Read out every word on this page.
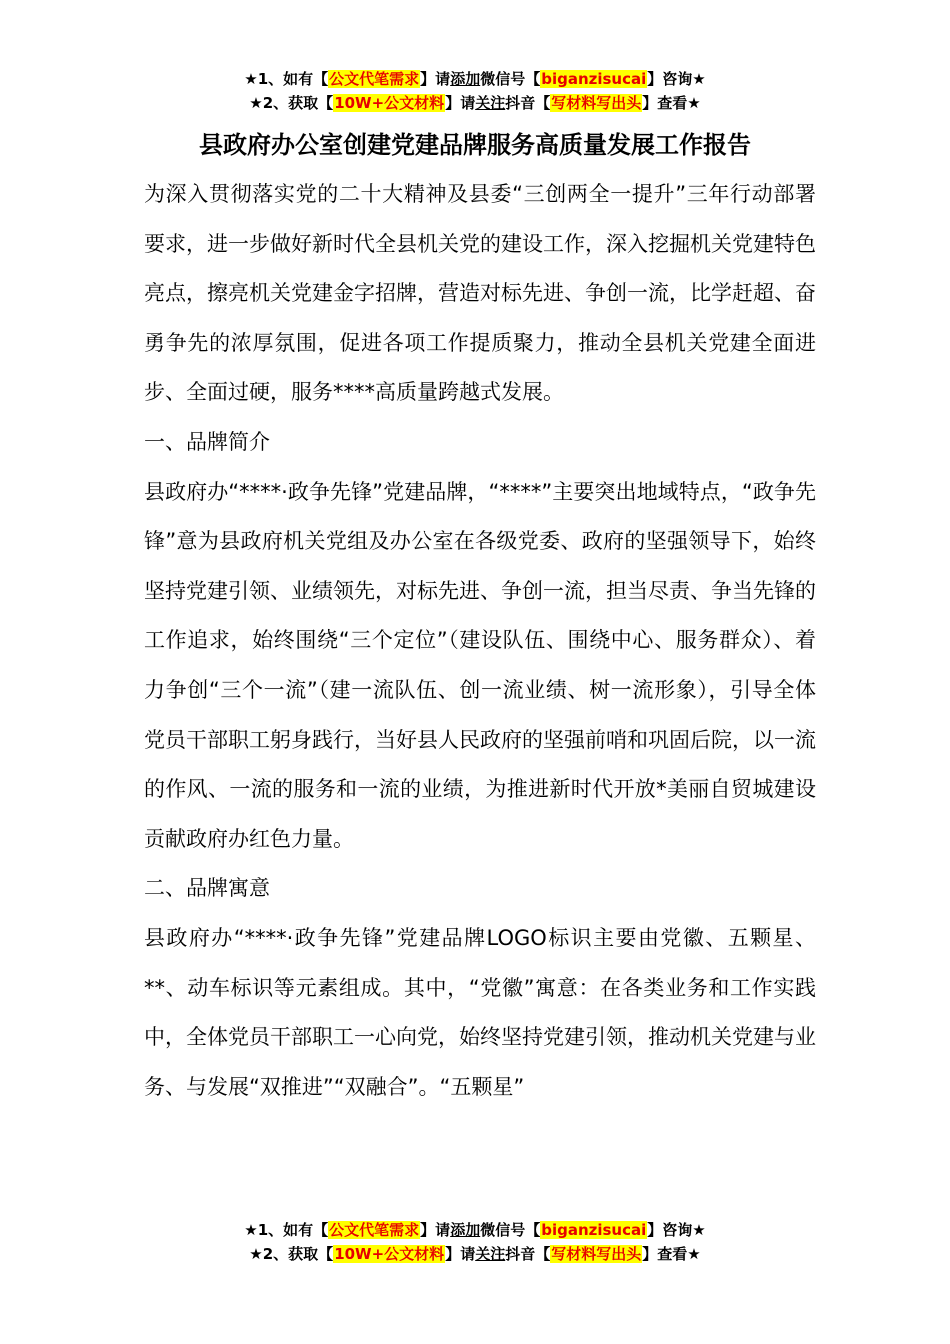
★1、如有【公文代笔需求】请添加微信号【biganzisucai】咨询★
★2、获取【10W+公文材料】请关注抖音【写材料写出头】查看★
县政府办公室创建党建品牌服务高质量发展工作报告

为深入贯彻落实党的二十大精神及县委“三创两全一提升”三年行动部署要求，进一步做好新时代全县机关党的建设工作，深入挖掘机关党建特色亮点，擦亮机关党建金字招牌，营造对标先进、争创一流，比学赶超、奋勇争先的浓厚氛围，促进各项工作提质聚力，推动全县机关党建全面进步、全面过硬，服务****高质量跨越式发展。

一、品牌简介

县政府办“****·政争先锋”党建品牌，“****”主要突出地域特点，“政争先锋”意为县政府机关党组及办公室在各级党委、政府的坚强领导下，始终坚持党建引领、业绩领先，对标先进、争创一流，担当尽责、争当先锋的工作追求，始终围绕“三个定位”（建设队伍、围绕中心、服务群众）、着力争创“三个一流”（建一流队伍、创一流业绩、树一流形象），引导全体党员干部职工躬身践行，当好县人民政府的坚强前哨和巩固后院，以一流的作风、一流的服务和一流的业绩，为推进新时代开放*美丽自贸城建设贡献政府办红色力量。

二、品牌寓意

县政府办“****·政争先锋”党建品牌LOGO标识主要由党徽、五颗星、**、动车标识等元素组成。其中，“党徽”寓意：在各类业务和工作实践中，全体党员干部职工一心向党，始终坚持党建引领，推动机关党建与业务、与发展“双推进”“双融合”。“五颗星”

★1、如有【公文代笔需求】请添加微信号【biganzisucai】咨询★
★2、获取【10W+公文材料】请关注抖音【写材料写出头】查看★
